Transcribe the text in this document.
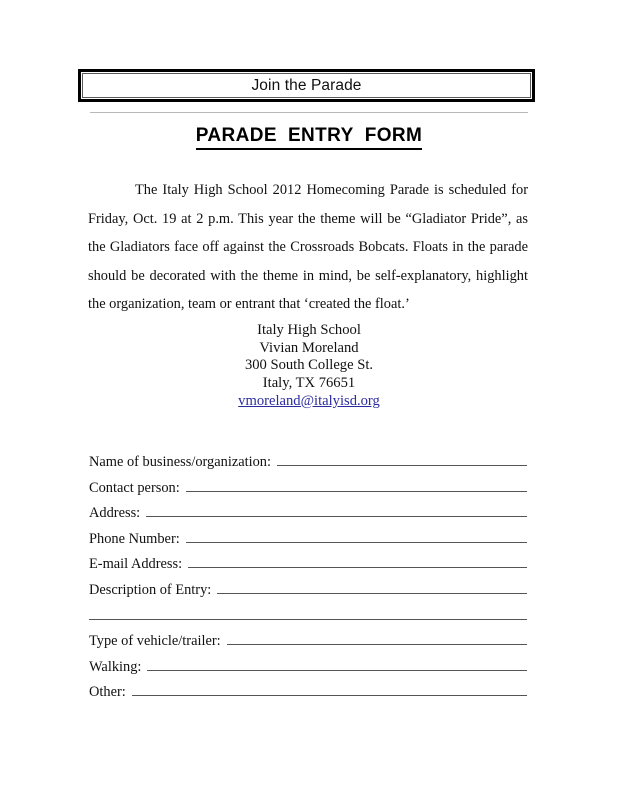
Join the Parade
PARADE ENTRY FORM

The Italy High School 2012 Homecoming Parade is scheduled for Friday, Oct. 19 at 2 p.m. This year the theme will be “Gladiator Pride”, as the Gladiators face off against the Crossroads Bobcats. Floats in the parade should be decorated with the theme in mind, be self-explanatory, highlight the organization, team or entrant that ‘created the float.’

Italy High School
Vivian Moreland
300 South College St.
Italy, TX 76651
vmoreland@italyisd.org
Name of business/organization:
Contact person:
Address:
Phone Number:
E-mail Address:
Description of Entry:
Type of vehicle/trailer:
Walking:
Other:
